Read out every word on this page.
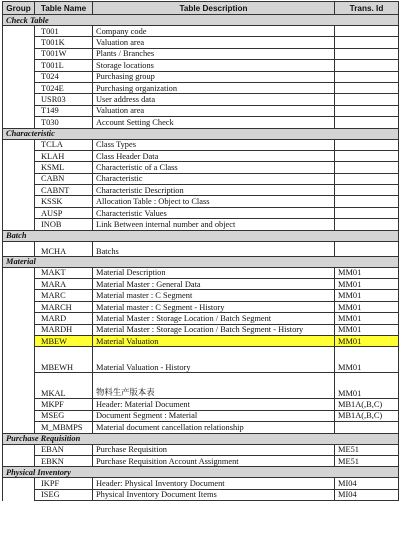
Group	Table Name	Table Description	Trans. Id
Check Table			
	T001	Company code	
	T001K	Valuation area	
	T001W	Plants / Branches	
	T001L	Storage locations	
	T024	Purchasing group	
	T024E	Purchasing organization	
	USR03	User address data	
	T149	Valuation area	
	T030	Account Setting Check	
Characteristic			
	TCLA	Class Types	
	KLAH	Class Header Data	
	KSML	Characteristic of a Class	
	CABN	Characteristic	
	CABNT	Characteristic Description	
	KSSK	Allocation Table : Object to Class	
	AUSP	Characteristic Values	
	INOB	Link Between internal number and object	
Batch			
	MCHA	Batchs	
Material			
	MAKT	Material Description	MM01
	MARA	Material Master : General Data	MM01
	MARC	Material master : C Segment	MM01
	MARCH	Material master : C Segment - History	MM01
	MARD	Material Master : Storage Location / Batch Segment	MM01
	MARDH	Material Master : Storage Location / Batch Segment - History	MM01
	MBEW	Material Valuation	MM01
	MBEWH	Material Valuation - History	MM01
	MKAL	物料生产版本表	MM01
	MKPF	Header: Material Document	MB1A(,B,C)
	MSEG	Document Segment : Material	MB1A(,B,C)
	M_MBMPS	Material document cancellation relationship	
Purchase Requisition			
	EBAN	Purchase Requisition	ME51
	EBKN	Purchase Requisition Account Assignment	ME51
Physical Inventory			
	IKPF	Header: Physical Inventory Document	MI04
	ISEG	Physical Inventory Document Items	MI04
